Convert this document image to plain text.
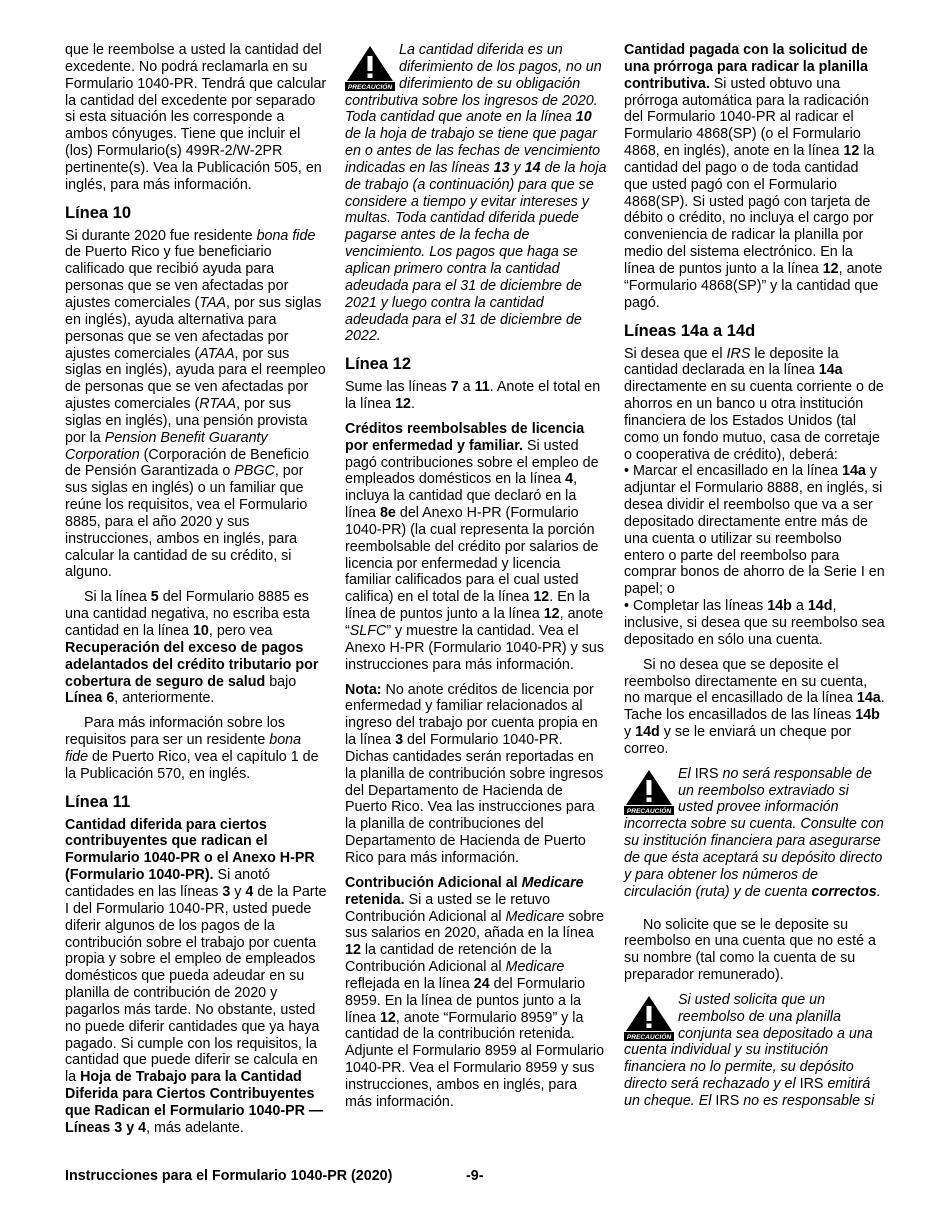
que le reembolse a usted la cantidad del excedente. No podrá reclamarla en su Formulario 1040-PR. Tendrá que calcular la cantidad del excedente por separado si esta situación les corresponde a ambos cónyuges. Tiene que incluir el (los) Formulario(s) 499R-2/W-2PR pertinente(s). Vea la Publicación 505, en inglés, para más información.

Línea 10

Si durante 2020 fue residente bona fide de Puerto Rico y fue beneficiario calificado que recibió ayuda para personas que se ven afectadas por ajustes comerciales (TAA, por sus siglas en inglés), ayuda alternativa para personas que se ven afectadas por ajustes comerciales (ATAA, por sus siglas en inglés), ayuda para el reempleo de personas que se ven afectadas por ajustes comerciales (RTAA, por sus siglas en inglés), una pensión provista por la Pension Benefit Guaranty Corporation (Corporación de Beneficio de Pensión Garantizada o PBGC, por sus siglas en inglés) o un familiar que reúne los requisitos, vea el Formulario 8885, para el año 2020 y sus instrucciones, ambos en inglés, para calcular la cantidad de su crédito, si alguno.

Si la línea 5 del Formulario 8885 es una cantidad negativa, no escriba esta cantidad en la línea 10, pero vea Recuperación del exceso de pagos adelantados del crédito tributario por cobertura de seguro de salud bajo Línea 6, anteriormente.

Para más información sobre los requisitos para ser un residente bona fide de Puerto Rico, vea el capítulo 1 de la Publicación 570, en inglés.

Línea 11

Cantidad diferida para ciertos contribuyentes que radican el Formulario 1040-PR o el Anexo H-PR (Formulario 1040-PR). Si anotó cantidades en las líneas 3 y 4 de la Parte I del Formulario 1040-PR, usted puede diferir algunos de los pagos de la contribución sobre el trabajo por cuenta propia y sobre el empleo de empleados domésticos que pueda adeudar en su planilla de contribución de 2020 y pagarlos más tarde. No obstante, usted no puede diferir cantidades que ya haya pagado. Si cumple con los requisitos, la cantidad que puede diferir se calcula en la Hoja de Trabajo para la Cantidad Diferida para Ciertos Contribuyentes que Radican el Formulario 1040-PR —Líneas 3 y 4, más adelante.

PRECAUCIÓN
La cantidad diferida es un diferimiento de los pagos, no un diferimiento de su obligación contributiva sobre los ingresos de 2020. Toda cantidad que anote en la línea 10 de la hoja de trabajo se tiene que pagar en o antes de las fechas de vencimiento indicadas en las líneas 13 y 14 de la hoja de trabajo (a continuación) para que se considere a tiempo y evitar intereses y multas. Toda cantidad diferida puede pagarse antes de la fecha de vencimiento. Los pagos que haga se aplican primero contra la cantidad adeudada para el 31 de diciembre de 2021 y luego contra la cantidad adeudada para el 31 de diciembre de 2022.
Línea 12

Sume las líneas 7 a 11. Anote el total en la línea 12.

Créditos reembolsables de licencia por enfermedad y familiar. Si usted pagó contribuciones sobre el empleo de empleados domésticos en la línea 4, incluya la cantidad que declaró en la línea 8e del Anexo H-PR (Formulario 1040-PR) (la cual representa la porción reembolsable del crédito por salarios de licencia por enfermedad y licencia familiar calificados para el cual usted califica) en el total de la línea 12. En la línea de puntos junto a la línea 12, anote “SLFC” y muestre la cantidad. Vea el Anexo H-PR (Formulario 1040-PR) y sus instrucciones para más información.

Nota: No anote créditos de licencia por enfermedad y familiar relacionados al ingreso del trabajo por cuenta propia en la línea 3 del Formulario 1040-PR. Dichas cantidades serán reportadas en la planilla de contribución sobre ingresos del Departamento de Hacienda de Puerto Rico. Vea las instrucciones para la planilla de contribuciones del Departamento de Hacienda de Puerto Rico para más información.

Contribución Adicional al Medicare retenida. Si a usted se le retuvo Contribución Adicional al Medicare sobre sus salarios en 2020, añada en la línea 12 la cantidad de retención de la Contribución Adicional al Medicare reflejada en la línea 24 del Formulario 8959. En la línea de puntos junto a la línea 12, anote “Formulario 8959” y la cantidad de la contribución retenida. Adjunte el Formulario 8959 al Formulario 1040-PR. Vea el Formulario 8959 y sus instrucciones, ambos en inglés, para más información.

Cantidad pagada con la solicitud de una prórroga para radicar la planilla contributiva. Si usted obtuvo una prórroga automática para la radicación del Formulario 1040-PR al radicar el Formulario 4868(SP) (o el Formulario 4868, en inglés), anote en la línea 12 la cantidad del pago o de toda cantidad que usted pagó con el Formulario 4868(SP). Si usted pagó con tarjeta de débito o crédito, no incluya el cargo por conveniencia de radicar la planilla por medio del sistema electrónico. En la línea de puntos junto a la línea 12, anote “Formulario 4868(SP)” y la cantidad que pagó.

Líneas 14a a 14d

Si desea que el IRS le deposite la cantidad declarada en la línea 14a directamente en su cuenta corriente o de ahorros en un banco u otra institución financiera de los Estados Unidos (tal como un fondo mutuo, casa de corretaje o cooperativa de crédito), deberá:

• Marcar el encasillado en la línea 14a y adjuntar el Formulario 8888, en inglés, si desea dividir el reembolso que va a ser depositado directamente entre más de una cuenta o utilizar su reembolso entero o parte del reembolso para comprar bonos de ahorro de la Serie I en papel; o

• Completar las líneas 14b a 14d, inclusive, si desea que su reembolso sea depositado en sólo una cuenta.

Si no desea que se deposite el reembolso directamente en su cuenta, no marque el encasillado de la línea 14a. Tache los encasillados de las líneas 14b y 14d y se le enviará un cheque por correo.

PRECAUCIÓN
El IRS no será responsable de un reembolso extraviado si usted provee información incorrecta sobre su cuenta. Consulte con su institución financiera para asegurarse de que ésta aceptará su depósito directo y para obtener los números de circulación (ruta) y de cuenta correctos.

No solicite que se le deposite su reembolso en una cuenta que no esté a su nombre (tal como la cuenta de su preparador remunerado).

PRECAUCIÓN
Si usted solicita que un reembolso de una planilla conjunta sea depositado a una cuenta individual y su institución financiera no lo permite, su depósito directo será rechazado y el IRS emitirá un cheque. El IRS no es responsable si
Instrucciones para el Formulario 1040-PR (2020)	-9-
